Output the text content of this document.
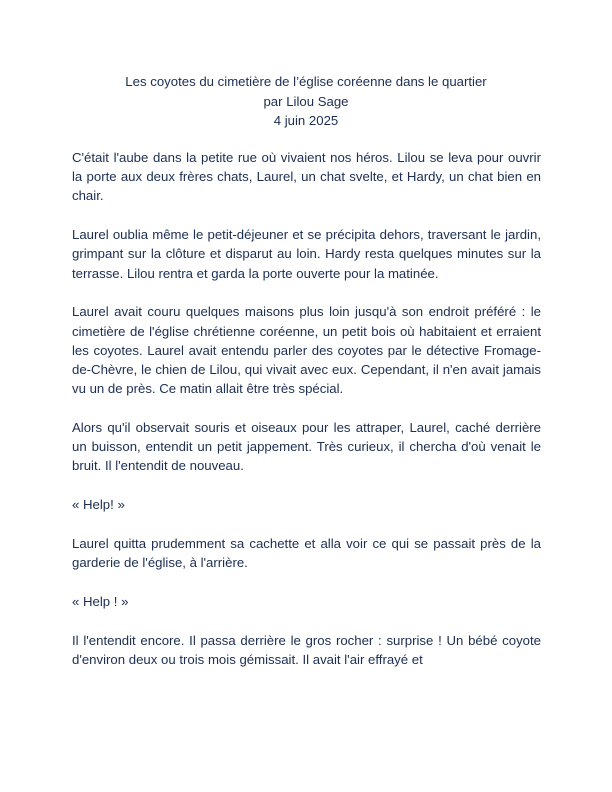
Les coyotes du cimetière de l’église coréenne dans le quartier
par Lilou Sage
4 juin 2025

C'était l'aube dans la petite rue où vivaient nos héros. Lilou se leva pour ouvrir la porte aux deux frères chats, Laurel, un chat svelte, et Hardy, un chat bien en chair.

Laurel oublia même le petit-déjeuner et se précipita dehors, traversant le jardin, grimpant sur la clôture et disparut au loin. Hardy resta quelques minutes sur la terrasse. Lilou rentra et garda la porte ouverte pour la matinée.

Laurel avait couru quelques maisons plus loin jusqu'à son endroit préféré : le cimetière de l'église chrétienne coréenne, un petit bois où habitaient et erraient les coyotes. Laurel avait entendu parler des coyotes par le détective Fromage-de-Chèvre, le chien de Lilou, qui vivait avec eux. Cependant, il n'en avait jamais vu un de près. Ce matin allait être très spécial.

Alors qu'il observait souris et oiseaux pour les attraper, Laurel, caché derrière un buisson, entendit un petit jappement. Très curieux, il chercha d'où venait le bruit. Il l'entendit de nouveau.

« Help! »

Laurel quitta prudemment sa cachette et alla voir ce qui se passait près de la garderie de l'église, à l'arrière.

« Help ! »

Il l'entendit encore. Il passa derrière le gros rocher : surprise ! Un bébé coyote d'environ deux ou trois mois gémissait. Il avait l'air effrayé et
